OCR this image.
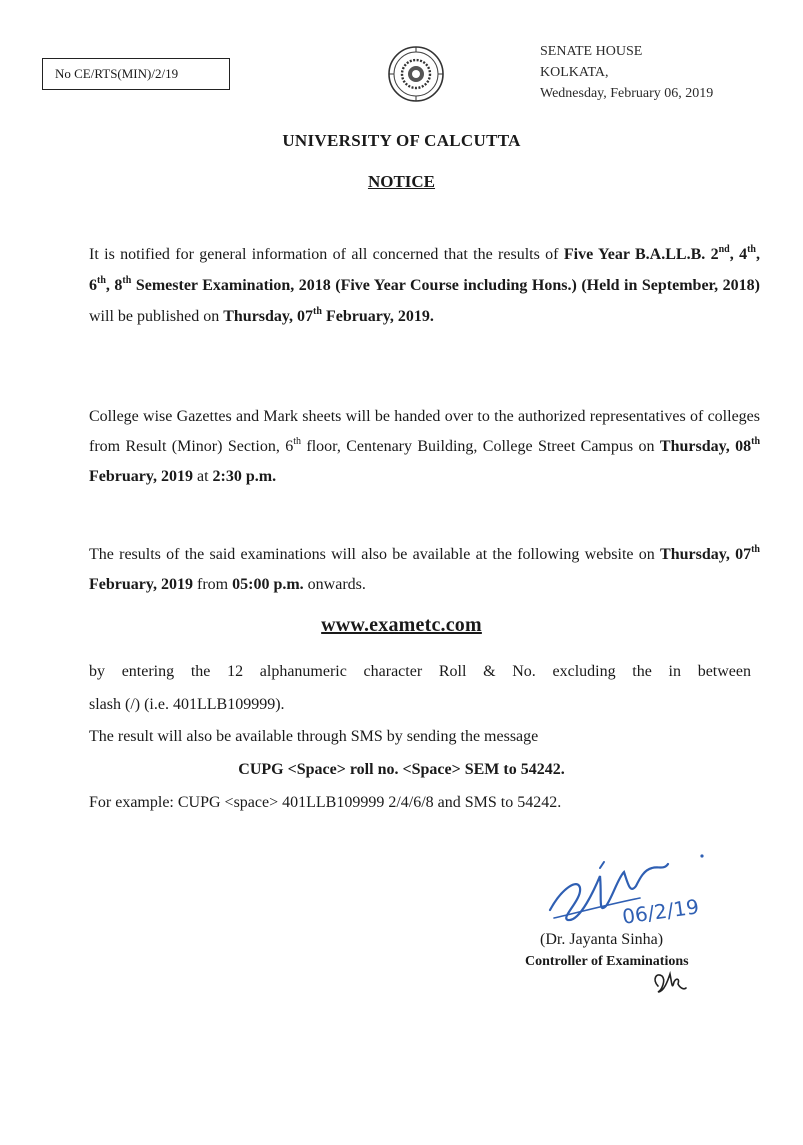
No CE/RTS(MIN)/2/19
SENATE HOUSE
KOLKATA,
Wednesday, February 06, 2019
UNIVERSITY OF CALCUTTA
NOTICE
It is notified for general information of all concerned that the results of Five Year B.A.LL.B. 2nd, 4th, 6th, 8th Semester Examination, 2018 (Five Year Course including Hons.) (Held in September, 2018) will be published on Thursday, 07th February, 2019.
College wise Gazettes and Mark sheets will be handed over to the authorized representatives of colleges from Result (Minor) Section, 6th floor, Centenary Building, College Street Campus on Thursday, 08th February, 2019 at 2:30 p.m.
The results of the said examinations will also be available at the following website on Thursday, 07th February, 2019 from 05:00 p.m. onwards.
www.exametc.com
by entering the 12 alphanumeric character Roll & No. excluding the in between
slash (/) (i.e. 401LLB109999).
The result will also be available through SMS by sending the message
CUPG <Space> roll no. <Space> SEM to 54242.
For example: CUPG <space> 401LLB109999 2/4/6/8 and SMS to 54242.
06/2/19
(Dr. Jayanta Sinha)
Controller of Examinations
